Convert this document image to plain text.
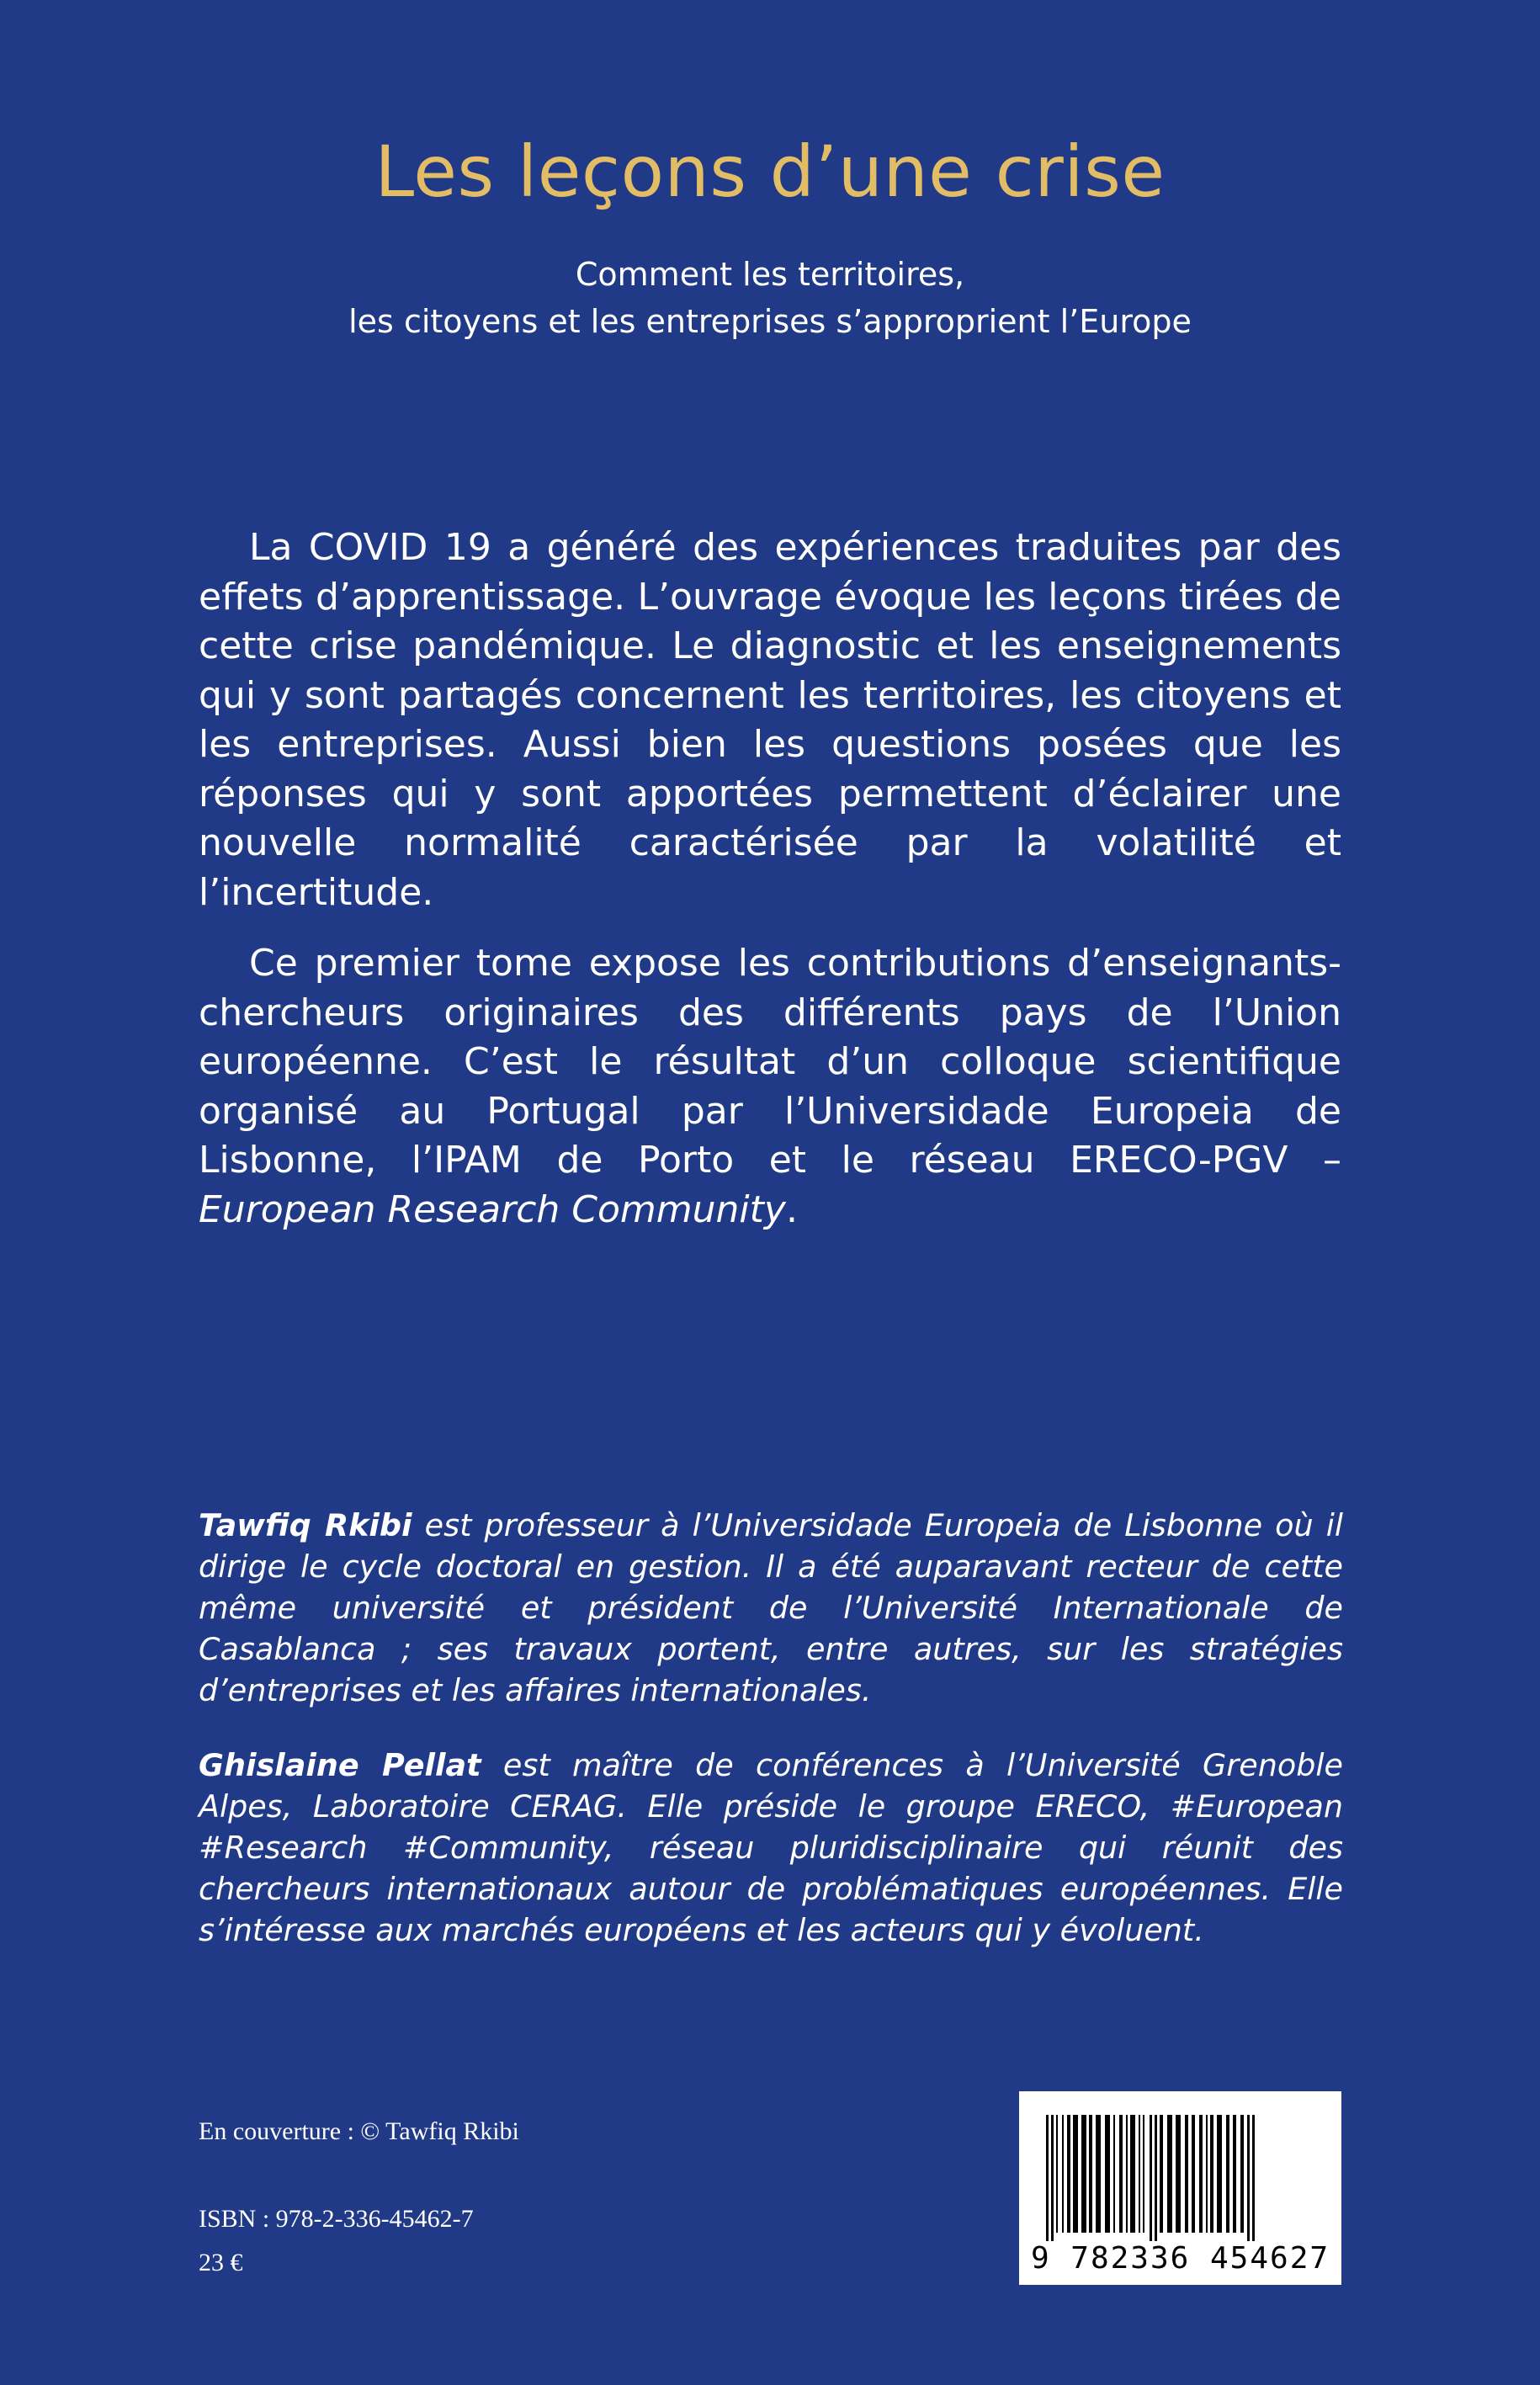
Les leçons d’une crise
Comment les territoires,
les citoyens et les entreprises s’approprient l’Europe

La COVID 19 a généré des expériences traduites par des effets d’apprentissage. L’ouvrage évoque les leçons tirées de cette crise pandémique. Le diagnostic et les enseignements qui y sont partagés concernent les territoires, les citoyens et les entreprises. Aussi bien les questions posées que les réponses qui y sont apportées permettent d’éclairer une nouvelle normalité caractérisée par la volatilité et l’incertitude.

Ce premier tome expose les contributions d’enseignants-chercheurs originaires des différents pays de l’Union européenne. C’est le résultat d’un colloque scientifique organisé au Portugal par l’Universidade Europeia de Lisbonne, l’IPAM de Porto et le réseau ERECO-PGV – European Research Community.

Tawfiq Rkibi est professeur à l’Universidade Europeia de Lisbonne où il dirige le cycle doctoral en gestion. Il a été auparavant recteur de cette même université et président de l’Université Internationale de Casablanca ; ses travaux portent, entre autres, sur les stratégies d’entreprises et les affaires internationales.

Ghislaine Pellat est maître de conférences à l’Université Grenoble Alpes, Laboratoire CERAG. Elle préside le groupe ERECO, #European #Research #Community, réseau pluridisciplinaire qui réunit des chercheurs internationaux autour de problématiques européennes. Elle s’intéresse aux marchés européens et les acteurs qui y évoluent.

En couverture : © Tawfiq Rkibi
ISBN : 978-2-336-45462-7
23 €	9 782336 454627
